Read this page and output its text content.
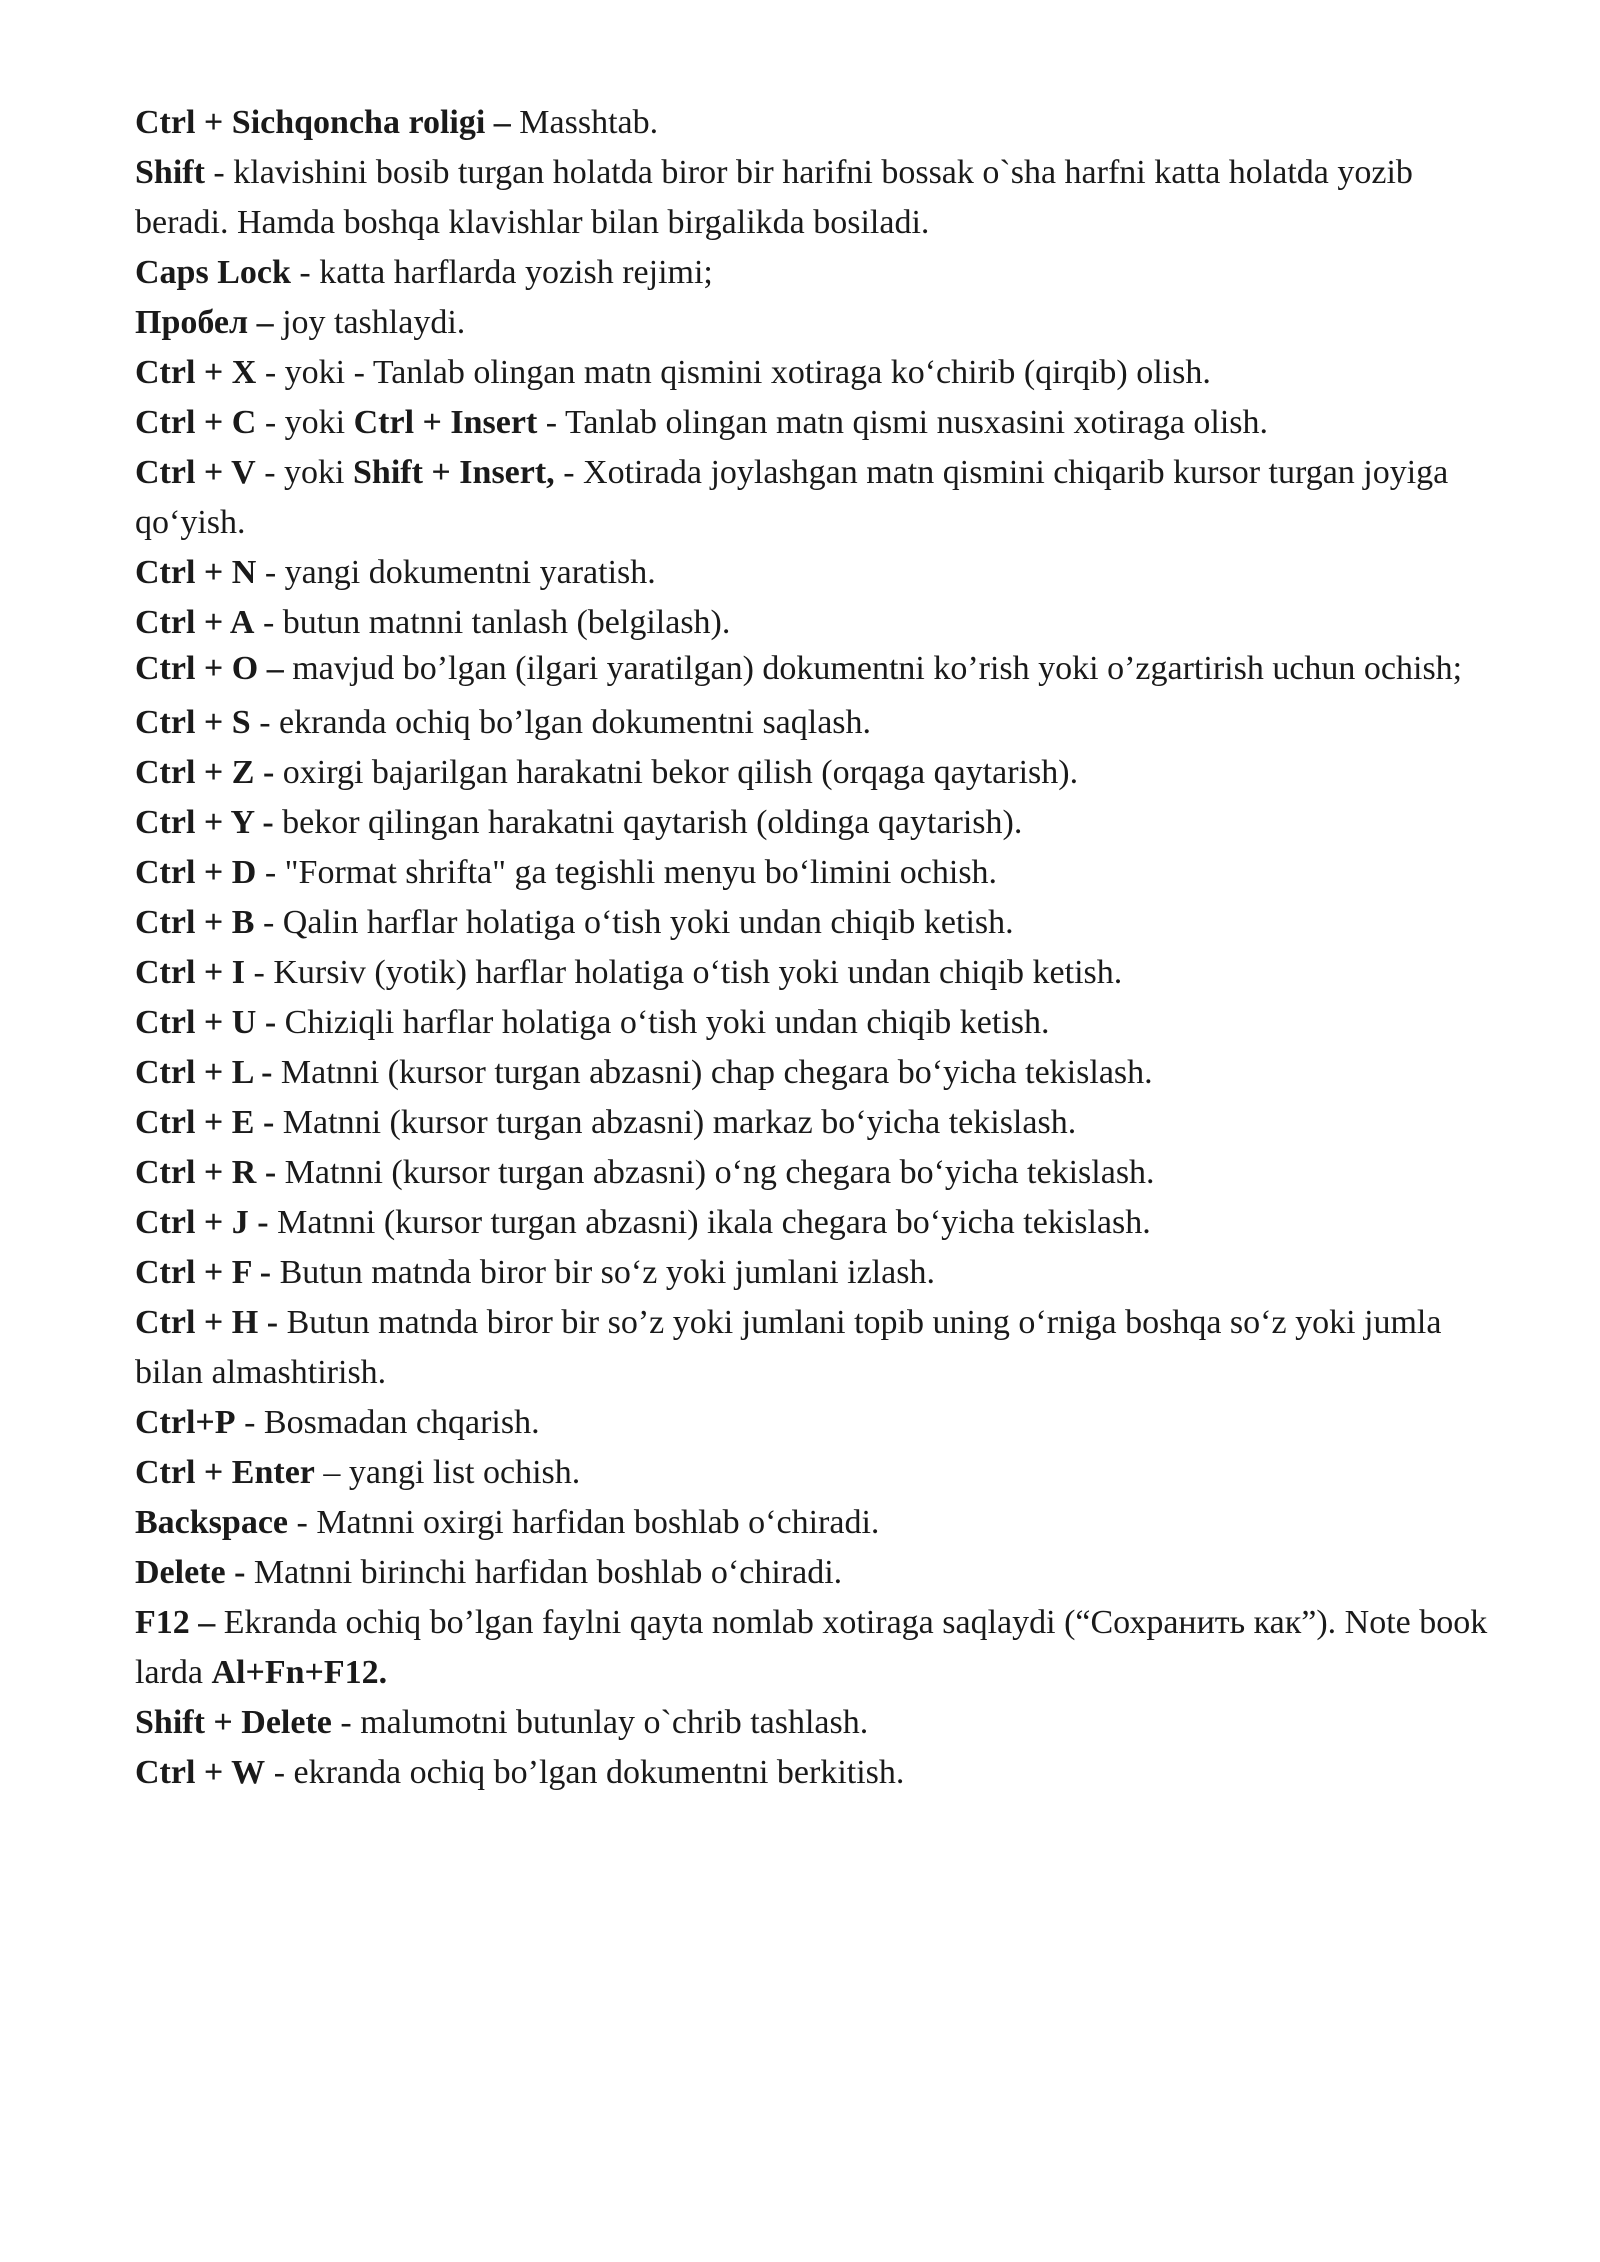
Ctrl + Sichqoncha roligi – Masshtab.

Shift - klavishini bosib turgan holatda biror bir harifni bossak o`sha harfni katta holatda yozib beradi. Hamda boshqa klavishlar bilan birgalikda bosiladi.

Caps Lock - katta harflarda yozish rejimi;

Пробел – joy tashlaydi.

Ctrl + X - yoki - Tanlab olingan matn qismini xotiraga ko‘chirib (qirqib) olish.

Ctrl + C - yoki Ctrl + Insert - Tanlab olingan matn qismi nusxasini xotiraga olish.

Ctrl + V - yoki Shift + Insert, - Xotirada joylashgan matn qismini chiqarib kursor turgan joyiga    qo‘yish.

Ctrl + N - yangi dokumentni yaratish.

Ctrl + A - butun matnni tanlash (belgilash).

Ctrl + O – mavjud bo’lgan (ilgari yaratilgan) dokumentni ko’rish yoki o’zgartirish uchun ochish;

Ctrl + S - ekranda ochiq bo’lgan dokumentni saqlash.

Ctrl + Z - oxirgi bajarilgan harakatni bekor qilish (orqaga qaytarish).

Ctrl + Y - bekor qilingan harakatni qaytarish (oldinga qaytarish).

Ctrl + D - "Format shrifta" ga tegishli menyu bo‘limini ochish.

Ctrl + B - Qalin harflar holatiga o‘tish yoki undan chiqib ketish.

Ctrl + I - Kursiv (yotik) harflar holatiga o‘tish yoki undan chiqib ketish.

Ctrl + U - Chiziqli harflar holatiga o‘tish yoki undan chiqib ketish.

Ctrl + L - Matnni (kursor turgan abzasni) chap chegara bo‘yicha tekislash.

Ctrl + E - Matnni (kursor turgan abzasni) markaz bo‘yicha tekislash.

Ctrl + R - Matnni (kursor turgan abzasni) o‘ng chegara bo‘yicha tekislash.

Ctrl + J - Matnni (kursor turgan abzasni) ikala chegara bo‘yicha tekislash.

Ctrl + F - Butun matnda biror bir so‘z yoki jumlani izlash.

Ctrl + H - Butun matnda biror bir so’z yoki jumlani topib uning o‘rniga boshqa so‘z yoki jumla bilan almashtirish.

Ctrl+P - Bosmadan chqarish.

Ctrl + Enter – yangi list ochish.

Backspace - Matnni oxirgi harfidan boshlab o‘chiradi.

Delete - Matnni birinchi harfidan boshlab o‘chiradi.

F12 – Ekranda ochiq bo’lgan faylni qayta nomlab xotiraga saqlaydi (“Сохранить как”). Note book larda Al+Fn+F12.

Shift + Delete - malumotni butunlay o`chrib tashlash.

Ctrl + W - ekranda ochiq bo’lgan dokumentni berkitish.
